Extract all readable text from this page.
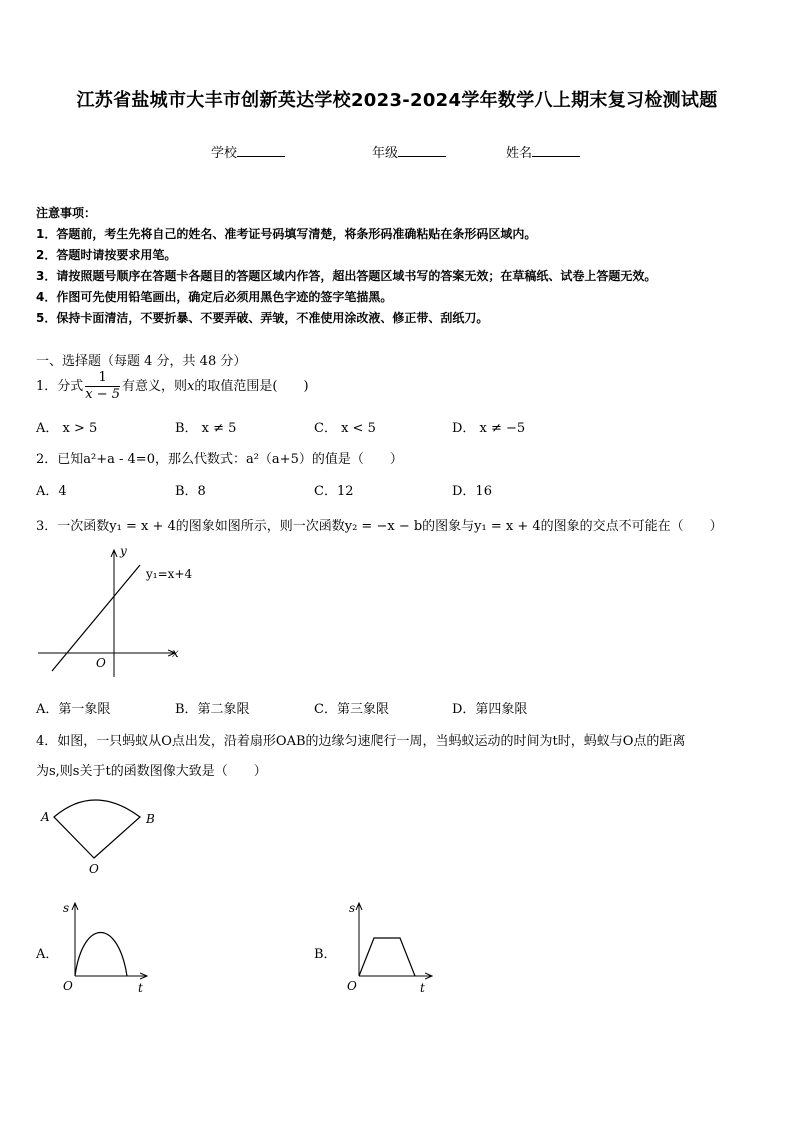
江苏省盐城市大丰市创新英达学校2023-2024学年数学八上期末复习检测试题
学校	年级	姓名
注意事项：
1．答题前，考生先将自己的姓名、准考证号码填写清楚，将条形码准确粘贴在条形码区域内。
2．答题时请按要求用笔。
3．请按照题号顺序在答题卡各题目的答题区域内作答，超出答题区域书写的答案无效；在草稿纸、试卷上答题无效。
4．作图可先使用铅笔画出，确定后必须用黑色字迹的签字笔描黑。
5．保持卡面清洁，不要折暴、不要弄破、弄皱，不准使用涂改液、修正带、刮纸刀。
一、选择题（每题 4 分，共 48 分）
1．分式 $\frac{1}{x - 5}$ 有意义，则x的取值范围是(　　)
A． x > 5	B． x ≠ 5	C． x < 5	D． x ≠ −5
2．已知a²+a - 4=0，那么代数式：a²（a+5）的值是（　　）
A．4	B．8	C．12	D．16
3．一次函数y₁ = x + 4的图象如图所示，则一次函数y₂ = −x − b的图象与y₁ = x + 4的图象的交点不可能在（　　）
y
x
O
y₁=x+4
A．第一象限	B．第二象限	C．第三象限	D．第四象限
4．如图，一只蚂蚁从O点出发，沿着扇形OAB的边缘匀速爬行一周，当蚂蚁运动的时间为t时，蚂蚁与O点的距离
为s,则s关于t的函数图像大致是（　　）
A	B
O
A．
s
t
O
B．
s
t
O
